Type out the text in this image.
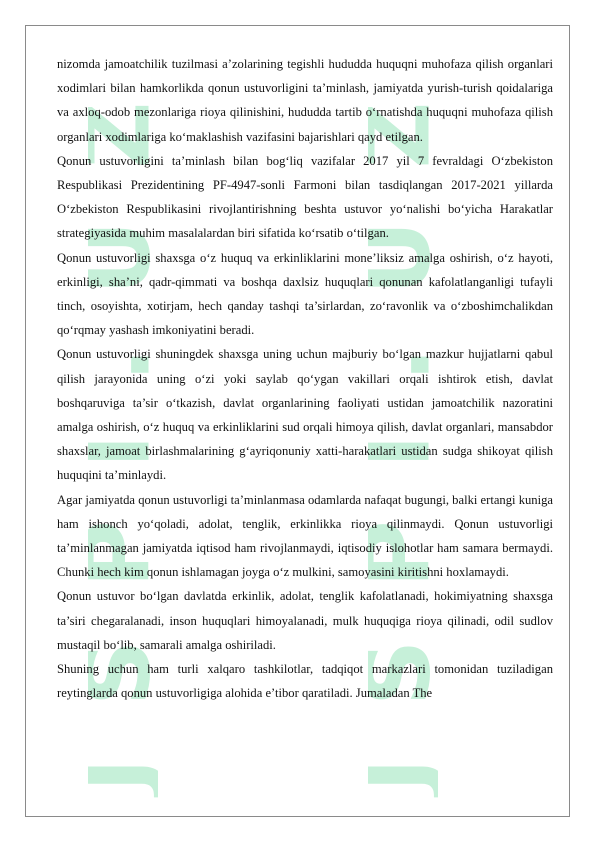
JSPI.UZ JSPI.UZ

nizomda jamoatchilik tuzilmasi a’zolarining tegishli hududda huquqni muhofaza qilish organlari xodimlari bilan hamkorlikda qonun ustuvorligini ta’minlash, jamiyatda yurish-turish qoidalariga va axloq-odob mezonlariga rioya qilinishini, hududda tartib o‘rnatishda huquqni muhofaza qilish organlari xodimlariga ko‘maklashish vazifasini bajarishlari qayd etilgan.

Qonun ustuvorligini ta’minlash bilan bog‘liq vazifalar 2017 yil 7 fevraldagi O‘zbekiston Respublikasi Prezidentining PF-4947-sonli Farmoni bilan tasdiqlangan 2017-2021 yillarda O‘zbekiston Respublikasini rivojlantirishning beshta ustuvor yo‘nalishi bo‘yicha Harakatlar strategiyasida muhim masalalardan biri sifatida ko‘rsatib o‘tilgan.

Qonun ustuvorligi shaxsga o‘z huquq va erkinliklarini mone’liksiz amalga oshirish, o‘z hayoti, erkinligi, sha’ni, qadr-qimmati va boshqa daxlsiz huquqlari qonunan kafolatlanganligi tufayli tinch, osoyishta, xotirjam, hech qanday tashqi ta’sirlardan, zo‘ravonlik va o‘zboshimchalikdan qo‘rqmay yashash imkoniyatini beradi.

Qonun ustuvorligi shuningdek shaxsga uning uchun majburiy bo‘lgan mazkur hujjatlarni qabul qilish jarayonida uning o‘zi yoki saylab qo‘ygan vakillari orqali ishtirok etish, davlat boshqaruviga ta’sir o‘tkazish, davlat organlarining faoliyati ustidan jamoatchilik nazoratini amalga oshirish, o‘z huquq va erkinliklarini sud orqali himoya qilish, davlat organlari, mansabdor shaxslar, jamoat birlashmalarining g‘ayriqonuniy xatti-harakatlari ustidan sudga shikoyat qilish huquqini ta’minlaydi.

Agar jamiyatda qonun ustuvorligi ta’minlanmasa odamlarda nafaqat bugungi, balki ertangi kuniga ham ishonch yo‘qoladi, adolat, tenglik, erkinlikka rioya qilinmaydi. Qonun ustuvorligi ta’minlanmagan jamiyatda iqtisod ham rivojlanmaydi, iqtisodiy islohotlar ham samara bermaydi. Chunki hech kim qonun ishlamagan joyga o‘z mulkini, samoyasini kiritishni hoxlamaydi.

Qonun ustuvor bo‘lgan davlatda erkinlik, adolat, tenglik kafolatlanadi, hokimiyatning shaxsga ta’siri chegaralanadi, inson huquqlari himoyalanadi, mulk huquqiga rioya qilinadi, odil sudlov mustaqil bo‘lib, samarali amalga oshiriladi.

Shuning uchun ham turli xalqaro tashkilotlar, tadqiqot markazlari tomonidan tuziladigan reytinglarda qonun ustuvorligiga alohida e’tibor qaratiladi. Jumaladan The
